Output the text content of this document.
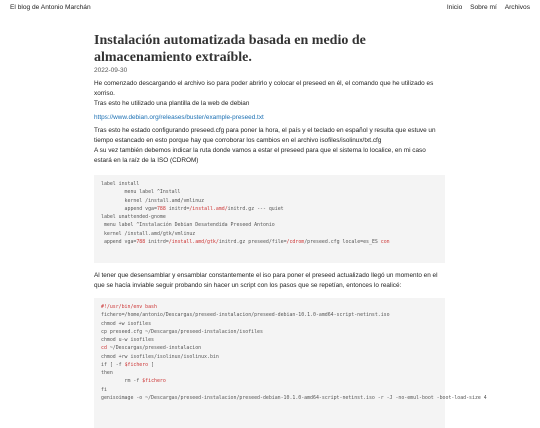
El blog de Antonio Marchán	Inicio Sobre mí Archivos
Instalación automatizada basada en medio de almacenamiento extraíble.
2022-09-30

He comenzado descargando el archivo iso para poder abrirlo y colocar el preseed en él, el comando que he utilizado es xorriso.
Tras esto he utilizado una plantilla de la web de debian

https://www.debian.org/releases/buster/example-preseed.txt

Tras esto he estado configurando preseed.cfg para poner la hora, el país y el teclado en español y resulta que estuve un tiempo estancado en esto porque hay que corroborar los cambios en el archivo isofiles/isolinux/txt.cfg
A su vez también debemos indicar la ruta donde vamos a estar el preseed para que el sistema lo localice, en mi caso estará en la raíz de la ISO (CDROM)

label install
menu label ^Install
kernel /install.amd/vmlinuz
append vga=788 initrd=/install.amd/initrd.gz --- quiet
label unattended-gnome
menu label ^Instalación Debian Desatendida Preseed Antonio
kernel /install.amd/gtk/vmlinuz
append vga=788 initrd=/install.amd/gtk/initrd.gz preseed/file=/cdrom/preseed.cfg locale=es_ES con

Al tener que desensamblar y ensamblar constantemente el iso para poner el preseed actualizado llegó un momento en el que se hacía inviable seguir probando sin hacer un script con los pasos que se repetían, entonces lo realicé:

#!/usr/bin/env bash
fichero=/home/antonio/Descargas/preseed-instalacion/preseed-debian-10.1.0-amd64-script-netinst.iso
chmod +w isofiles
cp preseed.cfg ~/Descargas/preseed-instalacion/isofiles
chmod u-w isofiles
cd ~/Descargas/preseed-instalacion
chmod +rw isofiles/isolinux/isolinux.bin
if [ -f $fichero ]
then
rm -f $fichero
fi
genisoimage -o ~/Descargas/preseed-instalacion/preseed-debian-10.1.0-amd64-script-netinst.iso -r -J -no-emul-boot -boot-load-size 4
